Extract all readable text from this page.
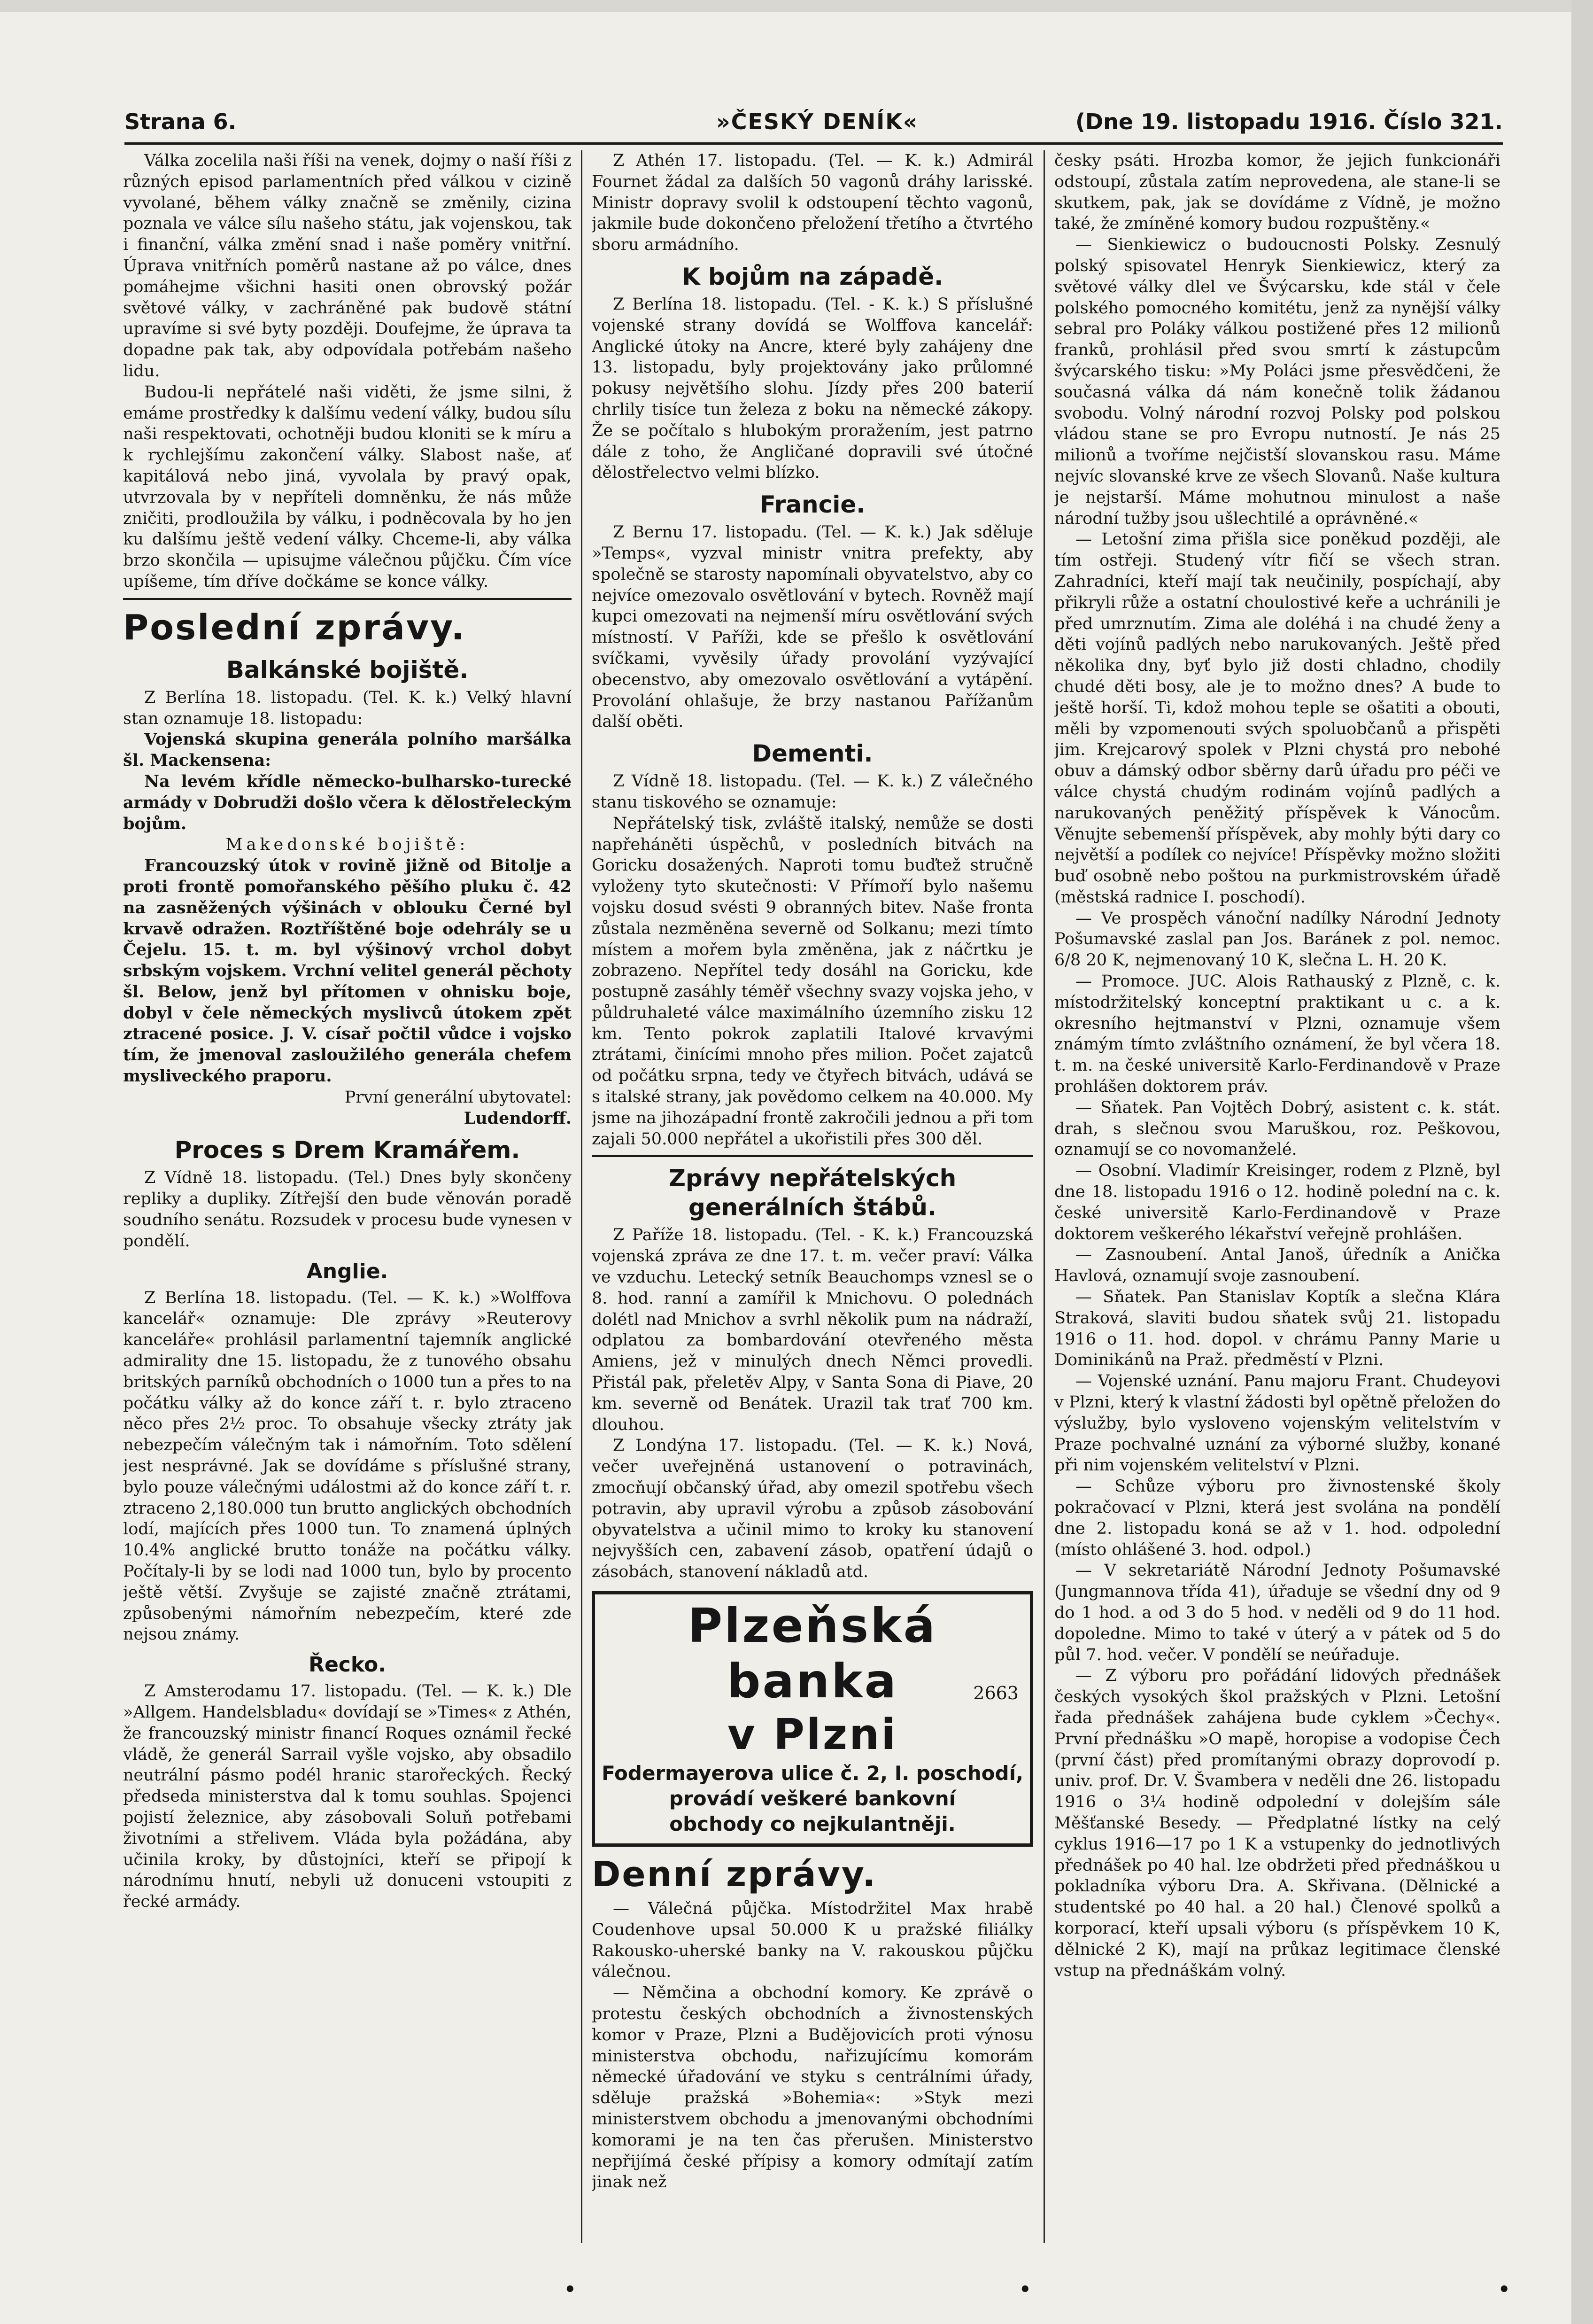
Strana 6.	»ČESKÝ DENÍK«	(Dne 19. listopadu 1916. Číslo 321.

Válka zocelila naši říši na venek, dojmy o naší říši z různých episod parlamentních před válkou v cizině vyvolané, během války značně se změnily, cizina poznala ve válce sílu našeho státu, jak vojenskou, tak i finanční, válka změní snad i naše poměry vnitřní. Úprava vnitřních poměrů nastane až po válce, dnes pomáhejme všichni hasiti onen obrovský požár světové války, v zachráněné pak budově státní upravíme si své byty později. Doufejme, že úprava ta dopadne pak tak, aby odpovídala potřebám našeho lidu.

Budou-li nepřátelé naši viděti, že jsme silni, ž emáme prostředky k dalšímu vedení války, budou sílu naši respektovati, ochotněji budou kloniti se k míru a k rychlejšímu zakončení války. Slabost naše, ať kapitálová nebo jiná, vyvolala by pravý opak, utvrzovala by v nepříteli domněnku, že nás může zničiti, prodloužila by válku, i podněcovala by ho jen ku dalšímu ještě vedení války. Chceme-li, aby válka brzo skončila — upisujme válečnou půjčku. Čím více upíšeme, tím dříve dočkáme se konce války.

Poslední zprávy.
Balkánské bojiště.

Z Berlína 18. listopadu. (Tel. K. k.) Velký hlavní stan oznamuje 18. listopadu:

Vojenská skupina generála polního maršálka šl. Mackensena:

Na levém křídle německo-bulharsko-turecké armády v Dobrudži došlo včera k dělostřeleckým bojům.

Makedonské bojiště:

Francouzský útok v rovině jižně od Bitolje a proti frontě pomořanského pěšího pluku č. 42 na zasněžených výšinách v oblouku Černé byl krvavě odražen. Roztříštěné boje odehrály se u Čejelu. 15. t. m. byl výšinový vrchol dobyt srbským vojskem. Vrchní velitel generál pěchoty šl. Below, jenž byl přítomen v ohnisku boje, dobyl v čele německých myslivců útokem zpět ztracené posice. J. V. císař počtil vůdce i vojsko tím, že jmenoval zasloužilého generála chefem mysliveckého praporu.

První generální ubytovatel:

Ludendorff.

Proces s Drem Kramářem.

Z Vídně 18. listopadu. (Tel.) Dnes byly skončeny repliky a dupliky. Zítřejší den bude věnován poradě soudního senátu. Rozsudek v procesu bude vynesen v pondělí.

Anglie.

Z Berlína 18. listopadu. (Tel. — K. k.) »Wolffova kancelář« oznamuje: Dle zprávy »Reuterovy kanceláře« prohlásil parlamentní tajemník anglické admirality dne 15. listopadu, že z tunového obsahu britských parníků obchodních o 1000 tun a přes to na počátku války až do konce září t. r. bylo ztraceno něco přes 2½ proc. To obsahuje všecky ztráty jak nebezpečím válečným tak i námořním. Toto sdělení jest nesprávné. Jak se dovídáme s příslušné strany, bylo pouze válečnými událostmi až do konce září t. r. ztraceno 2,180.000 tun brutto anglických obchodních lodí, majících přes 1000 tun. To znamená úplných 10.4% anglické brutto tonáže na počátku války. Počítaly-li by se lodi nad 1000 tun, bylo by procento ještě větší. Zvyšuje se zajisté značně ztrátami, způsobenými námořním nebezpečím, které zde nejsou známy.

Řecko.

Z Amsterodamu 17. listopadu. (Tel. — K. k.) Dle »Allgem. Handelsbladu« dovídají se »Times« z Athén, že francouzský ministr financí Roques oznámil řecké vládě, že generál Sarrail vyšle vojsko, aby obsadilo neutrální pásmo podél hranic starořeckých. Řecký předseda ministerstva dal k tomu souhlas. Spojenci pojistí železnice, aby zásobovali Soluň potřebami životními a střelivem. Vláda byla požádána, aby učinila kroky, by důstojníci, kteří se připojí k národnímu hnutí, nebyli už donuceni vstoupiti z řecké armády.

Z Athén 17. listopadu. (Tel. — K. k.) Admirál Fournet žádal za dalších 50 vagonů dráhy larisské. Ministr dopravy svolil k odstoupení těchto vagonů, jakmile bude dokončeno přeložení třetího a čtvrtého sboru armádního.

K bojům na západě.

Z Berlína 18. listopadu. (Tel. - K. k.) S příslušné vojenské strany dovídá se Wolffova kancelář: Anglické útoky na Ancre, které byly zahájeny dne 13. listopadu, byly projektovány jako průlomné pokusy největšího slohu. Jízdy přes 200 baterií chrlily tisíce tun železa z boku na německé zákopy. Že se počítalo s hlubokým proražením, jest patrno dále z toho, že Angličané dopravili své útočné dělostřelectvo velmi blízko.

Francie.

Z Bernu 17. listopadu. (Tel. — K. k.) Jak sděluje »Temps«, vyzval ministr vnitra prefekty, aby společně se starosty napomínali obyvatelstvo, aby co nejvíce omezovalo osvětlování v bytech. Rovněž mají kupci omezovati na nejmenší míru osvětlování svých místností. V Paříži, kde se přešlo k osvětlování svíčkami, vyvěsily úřady provolání vyzývající obecenstvo, aby omezovalo osvětlování a vytápění. Provolání ohlašuje, že brzy nastanou Pařížanům další oběti.

Dementi.

Z Vídně 18. listopadu. (Tel. — K. k.) Z válečného stanu tiskového se oznamuje:

Nepřátelský tisk, zvláště italský, nemůže se dosti napřeháněti úspěchů, v posledních bitvách na Goricku dosažených. Naproti tomu buďtež stručně vyloženy tyto skutečnosti: V Přímoří bylo našemu vojsku dosud svésti 9 obranných bitev. Naše fronta zůstala nezměněna severně od Solkanu; mezi tímto místem a mořem byla změněna, jak z náčrtku je zobrazeno. Nepřítel tedy dosáhl na Goricku, kde postupně zasáhly téměř všechny svazy vojska jeho, v půldruhaleté válce maximálního územního zisku 12 km. Tento pokrok zaplatili Italové krvavými ztrátami, činícími mnoho přes milion. Počet zajatců od počátku srpna, tedy ve čtyřech bitvách, udává se s italské strany, jak povědomo celkem na 40.000. My jsme na jihozápadní frontě zakročili jednou a při tom zajali 50.000 nepřátel a ukořistili přes 300 děl.

Zprávy nepřátelských generálních štábů.

Z Paříže 18. listopadu. (Tel. - K. k.) Francouzská vojenská zpráva ze dne 17. t. m. večer praví: Válka ve vzduchu. Letecký setník Beauchomps vznesl se o 8. hod. ranní a zamířil k Mnichovu. O polednách dolétl nad Mnichov a svrhl několik pum na nádraží, odplatou za bombardování otevřeného města Amiens, jež v minulých dnech Němci provedli. Přistál pak, přeletěv Alpy, v Santa Sona di Piave, 20 km. severně od Benátek. Urazil tak trať 700 km. dlouhou.

Z Londýna 17. listopadu. (Tel. — K. k.) Nová, večer uveřejněná ustanovení o potravinách, zmocňují občanský úřad, aby omezil spotřebu všech potravin, aby upravil výrobu a způsob zásobování obyvatelstva a učinil mimo to kroky ku stanovení nejvyšších cen, zabavení zásob, opatření údajů o zásobách, stanovení nákladů atd.

Plzeňská banka
v Plzni
2663
Fodermayerova ulice č. 2, I. poschodí,
provádí veškeré bankovní
obchody co nejkulantněji.
Denní zprávy.

— Válečná půjčka. Místodržitel Max hrabě Coudenhove upsal 50.000 K u pražské filiálky Rakousko-uherské banky na V. rakouskou půjčku válečnou.

— Němčina a obchodní komory. Ke zprávě o protestu českých obchodních a živnostenských komor v Praze, Plzni a Budějovicích proti výnosu ministerstva obchodu, nařizujícímu komorám německé úřadování ve styku s centrálními úřady, sděluje pražská »Bohemia«: »Styk mezi ministerstvem obchodu a jmenovanými obchodními komorami je na ten čas přerušen. Ministerstvo nepřijímá české přípisy a komory odmítají zatím jinak než

česky psáti. Hrozba komor, že jejich funkcionáři odstoupí, zůstala zatím neprovedena, ale stane-li se skutkem, pak, jak se dovídáme z Vídně, je možno také, že zmíněné komory budou rozpuštěny.«

— Sienkiewicz o budoucnosti Polsky. Zesnulý polský spisovatel Henryk Sienkiewicz, který za světové války dlel ve Švýcarsku, kde stál v čele polského pomocného komitétu, jenž za nynější války sebral pro Poláky válkou postižené přes 12 milionů franků, prohlásil před svou smrtí k zástupcům švýcarského tisku: »My Poláci jsme přesvědčeni, že současná válka dá nám konečně tolik žádanou svobodu. Volný národní rozvoj Polsky pod polskou vládou stane se pro Evropu nutností. Je nás 25 milionů a tvoříme nejčistší slovanskou rasu. Máme nejvíc slovanské krve ze všech Slovanů. Naše kultura je nejstarší. Máme mohutnou minulost a naše národní tužby jsou ušlechtilé a oprávněné.«

— Letošní zima přišla sice poněkud později, ale tím ostřeji. Studený vítr fičí se všech stran. Zahradníci, kteří mají tak neučinily, pospíchají, aby přikryli růže a ostatní choulostivé keře a uchránili je před umrznutím. Zima ale doléhá i na chudé ženy a děti vojínů padlých nebo narukovaných. Ještě před několika dny, byť bylo již dosti chladno, chodily chudé děti bosy, ale je to možno dnes? A bude to ještě horší. Ti, kdož mohou teple se ošatiti a obouti, měli by vzpomenouti svých spoluobčanů a přispěti jim. Krejcarový spolek v Plzni chystá pro nebohé obuv a dámský odbor sběrny darů úřadu pro péči ve válce chystá chudým rodinám vojínů padlých a narukovaných peněžitý příspěvek k Vánocům. Věnujte sebemenší příspěvek, aby mohly býti dary co největší a podílek co nejvíce! Příspěvky možno složiti buď osobně nebo poštou na purkmistrovském úřadě (městská radnice I. poschodí).

— Ve prospěch vánoční nadílky Národní Jednoty Pošumavské zaslal pan Jos. Baránek z pol. nemoc. 6/8 20 K, nejmenovaný 10 K, slečna L. H. 20 K.

— Promoce. JUC. Alois Rathauský z Plzně, c. k. místodržitelský konceptní praktikant u c. a k. okresního hejtmanství v Plzni, oznamuje všem známým tímto zvláštního oznámení, že byl včera 18. t. m. na české universitě Karlo-Ferdinandově v Praze prohlášen doktorem práv.

— Sňatek. Pan Vojtěch Dobrý, asistent c. k. stát. drah, s slečnou svou Maruškou, roz. Peškovou, oznamují se co novomanželé.

— Osobní. Vladimír Kreisinger, rodem z Plzně, byl dne 18. listopadu 1916 o 12. hodině polední na c. k. české universitě Karlo-Ferdinandově v Praze doktorem veškerého lékařství veřejně prohlášen.

— Zasnoubení. Antal Janoš, úředník a Anička Havlová, oznamují svoje zasnoubení.

— Sňatek. Pan Stanislav Koptík a slečna Klára Straková, slaviti budou sňatek svůj 21. listopadu 1916 o 11. hod. dopol. v chrámu Panny Marie u Dominikánů na Praž. předměstí v Plzni.

— Vojenské uznání. Panu majoru Frant. Chudeyovi v Plzni, který k vlastní žádosti byl opětně přeložen do výslužby, bylo vysloveno vojenským velitelstvím v Praze pochvalné uznání za výborné služby, konané při nim vojenském velitelství v Plzni.

— Schůze výboru pro živnostenské školy pokračovací v Plzni, která jest svolána na pondělí dne 2. listopadu koná se až v 1. hod. odpolední (místo ohlášené 3. hod. odpol.)

— V sekretariátě Národní Jednoty Pošumavské (Jungmannova třída 41), úřaduje se všední dny od 9 do 1 hod. a od 3 do 5 hod. v neděli od 9 do 11 hod. dopoledne. Mimo to také v úterý a v pátek od 5 do půl 7. hod. večer. V pondělí se neúřaduje.

— Z výboru pro pořádání lidových přednášek českých vysokých škol pražských v Plzni. Letošní řada přednášek zahájena bude cyklem »Čechy«. První přednášku »O mapě, horopise a vodopise Čech (první část) před promítanými obrazy doprovodí p. univ. prof. Dr. V. Švambera v neděli dne 26. listopadu 1916 o 3¼ hodině odpolední v dolejším sále Měšťanské Besedy. — Předplatné lístky na celý cyklus 1916—17 po 1 K a vstupenky do jednotlivých přednášek po 40 hal. lze obdržeti před přednáškou u pokladníka výboru Dra. A. Skřivana. (Dělnické a studentské po 40 hal. a 20 hal.) Členové spolků a korporací, kteří upsali výboru (s příspěvkem 10 K, dělnické 2 K), mají na průkaz legitimace členské vstup na přednáškám volný.

•	•	•
